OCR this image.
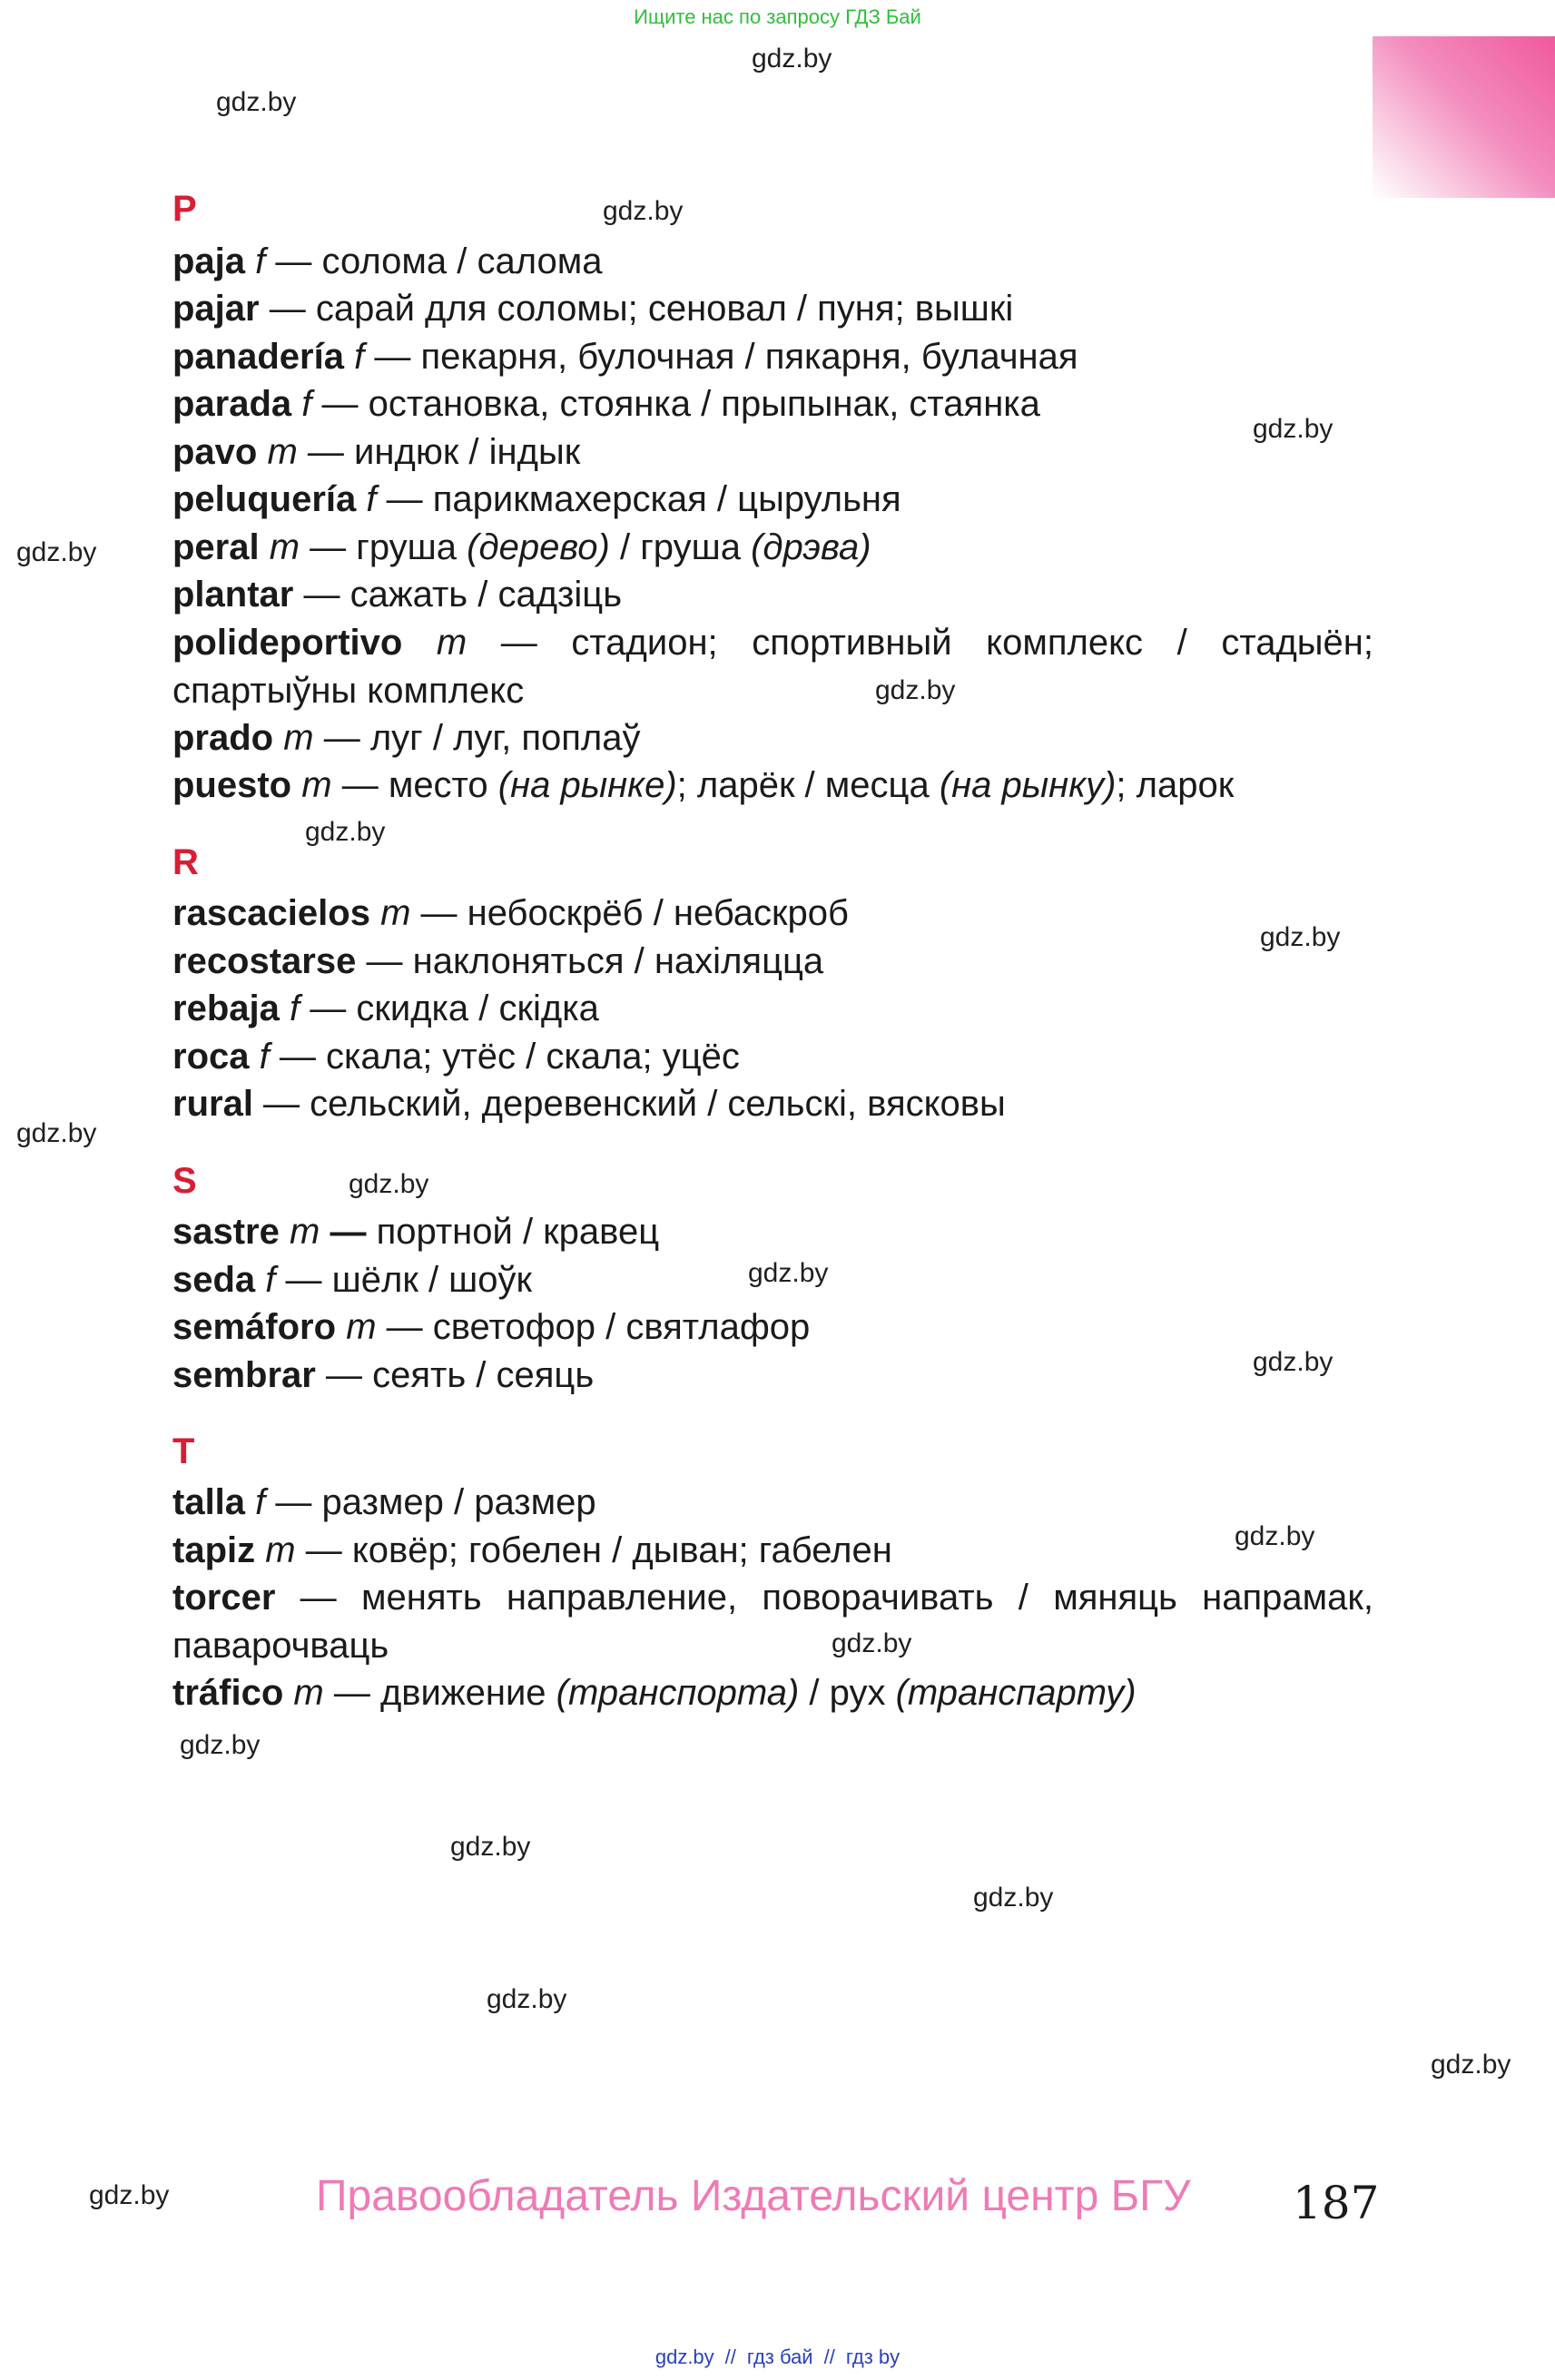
Ищите нас по запросу ГДЗ Бай
gdz.by
gdz.by
gdz.by
gdz.by
gdz.by
gdz.by
gdz.by
gdz.by
gdz.by
gdz.by
gdz.by
gdz.by
gdz.by
gdz.by
gdz.by
gdz.by
gdz.by
gdz.by
gdz.by
gdz.by
P
paja f — солома / салома
pajar — сарай для соломы; сеновал / пуня; вышкі
panadería f — пекарня, булочная / пякарня, булачная
parada f — остановка, стоянка / прыпынак, стаянка
pavo m — индюк / індык
peluquería f — парикмахерская / цырульня
peral m — груша (дерево) / груша (дрэва)
plantar — сажать / садзіць
polideportivo m — стадион; спортивный комплекс / стадыён; спартыўны комплекс
prado m — луг / луг, поплаў
puesto m — место (на рынке); ларёк / месца (на рынку); ларок
R
rascacielos m — небоскрёб / небаскроб
recostarse — наклоняться / нахіляцца
rebaja f — скидка / скідка
roca f — скала; утёс / скала; уцёс
rural — сельский, деревенский / сельскі, вясковы
S
sastre m — портной / кравец
seda f — шёлк / шоўк
semáforo m — светофор / святлафор
sembrar — сеять / сеяць
T
talla f — размер / размер
tapiz m — ковёр; гобелен / дыван; габелен
torcer — менять направление, поворачивать / мяняць напрамак, паварочваць
tráfico m — движение (транспорта) / рух (транспарту)
Правообладатель Издательский центр БГУ 187
gdz.by // гдз бай // гдз by
